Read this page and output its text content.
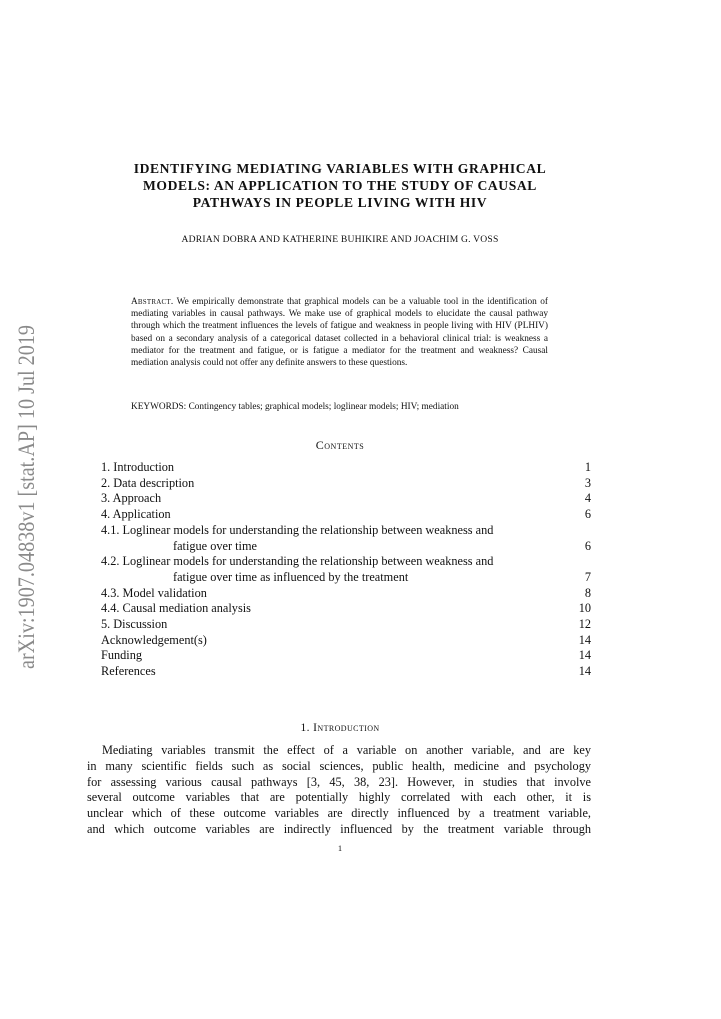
arXiv:1907.04838v1 [stat.AP] 10 Jul 2019
IDENTIFYING MEDIATING VARIABLES WITH GRAPHICAL
MODELS: AN APPLICATION TO THE STUDY OF CAUSAL
PATHWAYS IN PEOPLE LIVING WITH HIV
ADRIAN DOBRA AND KATHERINE BUHIKIRE AND JOACHIM G. VOSS
Abstract. We empirically demonstrate that graphical models can be a valuable tool in the identification of mediating variables in causal pathways. We make use of graphical models to elucidate the causal pathway through which the treatment influences the levels of fatigue and weakness in people living with HIV (PLHIV) based on a secondary analysis of a categorical dataset collected in a behavioral clinical trial: is weakness a mediator for the treatment and fatigue, or is fatigue a mediator for the treatment and weakness? Causal mediation analysis could not offer any definite answers to these questions.
KEYWORDS: Contingency tables; graphical models; loglinear models; HIV; mediation
Contents
1. Introduction	1
2. Data description	3
3. Approach	4
4. Application	6
4.1. Loglinear models for understanding the relationship between weakness and
fatigue over time	6
4.2. Loglinear models for understanding the relationship between weakness and
fatigue over time as influenced by the treatment	7
4.3. Model validation	8
4.4. Causal mediation analysis	10
5. Discussion	12
Acknowledgement(s)	14
Funding	14
References	14
1. Introduction
Mediating variables transmit the effect of a variable on another variable, and are key
in many scientific fields such as social sciences, public health, medicine and psychology
for assessing various causal pathways [3, 45, 38, 23]. However, in studies that involve
several outcome variables that are potentially highly correlated with each other, it is
unclear which of these outcome variables are directly influenced by a treatment variable,
and which outcome variables are indirectly influenced by the treatment variable through
1
